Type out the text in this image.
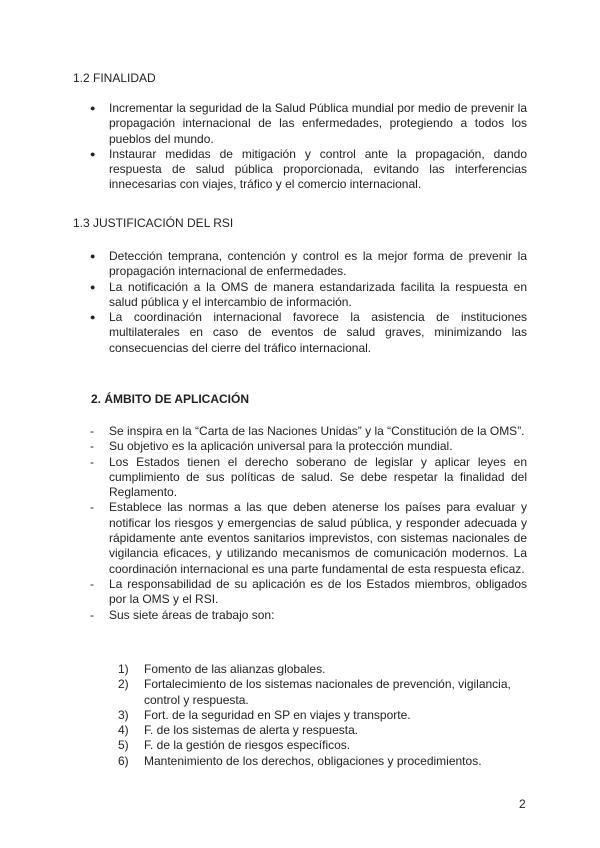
1.2 FINALIDAD
● Incrementar la seguridad de la Salud Pública mundial por medio de prevenir la propagación internacional de las enfermedades, protegiendo a todos los pueblos del mundo.
● Instaurar medidas de mitigación y control ante la propagación, dando respuesta de salud pública proporcionada, evitando las interferencias innecesarias con viajes, tráfico y el comercio internacional.
1.3 JUSTIFICACIÓN DEL RSI
● Detección temprana, contención y control es la mejor forma de prevenir la propagación internacional de enfermedades.
● La notificación a la OMS de manera estandarizada facilita la respuesta en salud pública y el intercambio de información.
● La coordinación internacional favorece la asistencia de instituciones multilaterales en caso de eventos de salud graves, minimizando las consecuencias del cierre del tráfico internacional.
2. ÁMBITO DE APLICACIÓN
- Se inspira en la “Carta de las Naciones Unidas” y la “Constitución de la OMS”.
- Su objetivo es la aplicación universal para la protección mundial.
- Los Estados tienen el derecho soberano de legislar y aplicar leyes en cumplimiento de sus políticas de salud. Se debe respetar la finalidad del Reglamento.
- Establece las normas a las que deben atenerse los países para evaluar y notificar los riesgos y emergencias de salud pública, y responder adecuada y rápidamente ante eventos sanitarios imprevistos, con sistemas nacionales de vigilancia eficaces, y utilizando mecanismos de comunicación modernos. La coordinación internacional es una parte fundamental de esta respuesta eficaz.
- La responsabilidad de su aplicación es de los Estados miembros, obligados por la OMS y el RSI.
- Sus siete áreas de trabajo son:
1) Fomento de las alianzas globales.
2) Fortalecimiento de los sistemas nacionales de prevención, vigilancia, control y respuesta.
3) Fort. de la seguridad en SP en viajes y transporte.
4) F. de los sistemas de alerta y respuesta.
5) F. de la gestión de riesgos específicos.
6) Mantenimiento de los derechos, obligaciones y procedimientos.
2
